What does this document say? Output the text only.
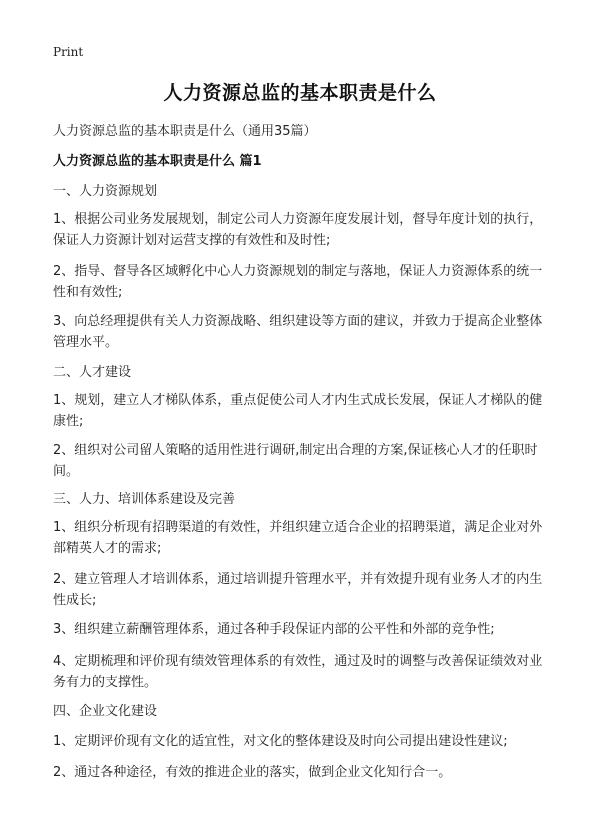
Print
人力资源总监的基本职责是什么
人力资源总监的基本职责是什么（通用35篇）
人力资源总监的基本职责是什么 篇1
一、人力资源规划

1、根据公司业务发展规划，制定公司人力资源年度发展计划，督导年度计划的执行，保证人力资源计划对运营支撑的有效性和及时性;

2、指导、督导各区域孵化中心人力资源规划的制定与落地，保证人力资源体系的统一性和有效性;

3、向总经理提供有关人力资源战略、组织建设等方面的建议，并致力于提高企业整体管理水平。

二、人才建设

1、规划，建立人才梯队体系，重点促使公司人才内生式成长发展，保证人才梯队的健康性;

2、组织对公司留人策略的适用性进行调研,制定出合理的方案,保证核心人才的任职时间。

三、人力、培训体系建设及完善

1、组织分析现有招聘渠道的有效性，并组织建立适合企业的招聘渠道，满足企业对外部精英人才的需求;

2、建立管理人才培训体系，通过培训提升管理水平，并有效提升现有业务人才的内生性成长;

3、组织建立薪酬管理体系，通过各种手段保证内部的公平性和外部的竞争性;

4、定期梳理和评价现有绩效管理体系的有效性，通过及时的调整与改善保证绩效对业务有力的支撑性。

四、企业文化建设

1、定期评价现有文化的适宜性，对文化的整体建设及时向公司提出建设性建议;

2、通过各种途径，有效的推进企业的落实，做到企业文化知行合一。
